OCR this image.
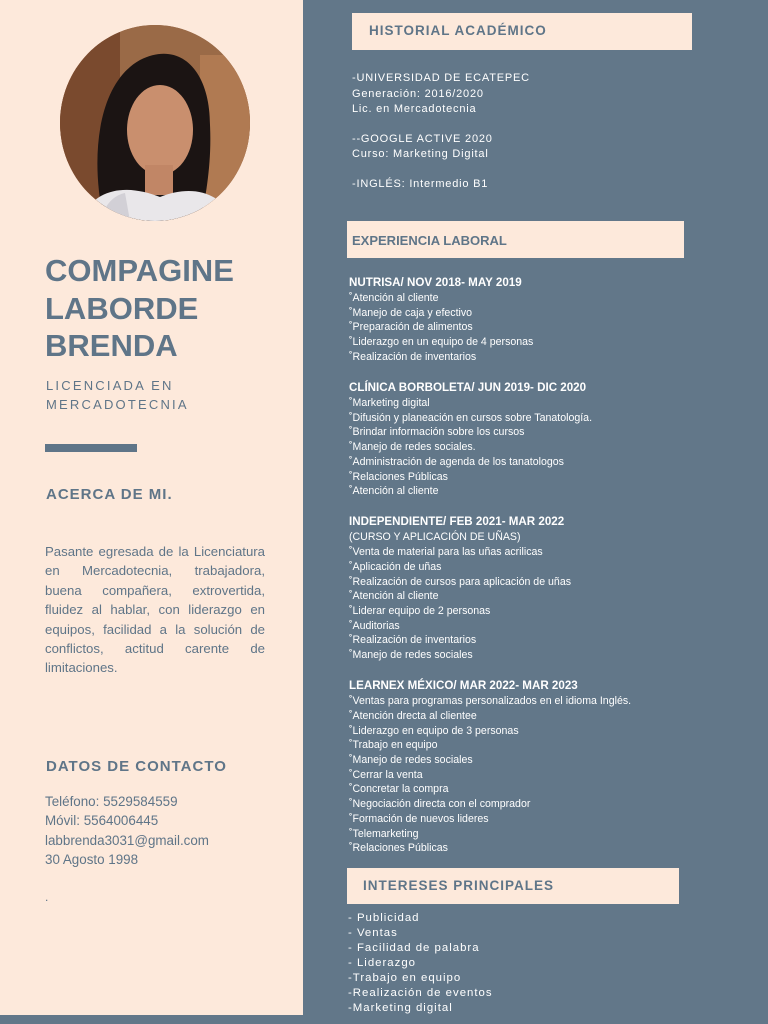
COMPAGINE
LABORDE
BRENDA
LICENCIADA EN
MERCADOTECNIA
ACERCA DE MI.
Pasante egresada de la Licenciatura en Mercadotecnia, trabajadora, buena compañera, extrovertida, fluidez al hablar, con liderazgo en equipos, facilidad a la solución de conflictos, actitud carente de limitaciones.
DATOS DE CONTACTO
Teléfono: 5529584559
Móvil: 5564006445
labbrenda3031@gmail.com
30 Agosto 1998
.
HISTORIAL ACADÉMICO
-UNIVERSIDAD DE ECATEPEC
Generación: 2016/2020
Lic. en Mercadotecnia
--GOOGLE ACTIVE 2020
Curso: Marketing Digital
-INGLÉS: Intermedio B1
EXPERIENCIA LABORAL
NUTRISA/ NOV 2018- MAY 2019
˚Atención al cliente
˚Manejo de caja y efectivo
˚Preparación de alimentos
˚Liderazgo en un equipo de 4 personas
˚Realización de inventarios
CLÍNICA BORBOLETA/ JUN 2019- DIC 2020
˚Marketing digital
˚Difusión y planeación en cursos sobre Tanatología.
˚Brindar información sobre los cursos
˚Manejo de redes sociales.
˚Administración de agenda de los tanatologos
˚Relaciones Públicas
˚Atención al cliente
INDEPENDIENTE/ FEB 2021- MAR 2022
(CURSO Y APLICACIÓN DE UÑAS)
˚Venta de material para las uñas acrilicas
˚Aplicación de uñas
˚Realización de cursos para aplicación de uñas
˚Atención al cliente
˚Liderar equipo de 2 personas
˚Auditorias
˚Realización de inventarios
˚Manejo de redes sociales
LEARNEX MÉXICO/ MAR 2022- MAR 2023
˚Ventas para programas personalizados en el idioma Inglés.
˚Atención drecta al clientee
˚Liderazgo en equipo de 3 personas
˚Trabajo en equipo
˚Manejo de redes sociales
˚Cerrar la venta
˚Concretar la compra
˚Negociación directa con el comprador
˚Formación de nuevos lideres
˚Telemarketing
˚Relaciones Públicas
INTERESES PRINCIPALES
- Publicidad
- Ventas
- Facilidad de palabra
- Liderazgo
-Trabajo en equipo
-Realización de eventos
-Marketing digital
